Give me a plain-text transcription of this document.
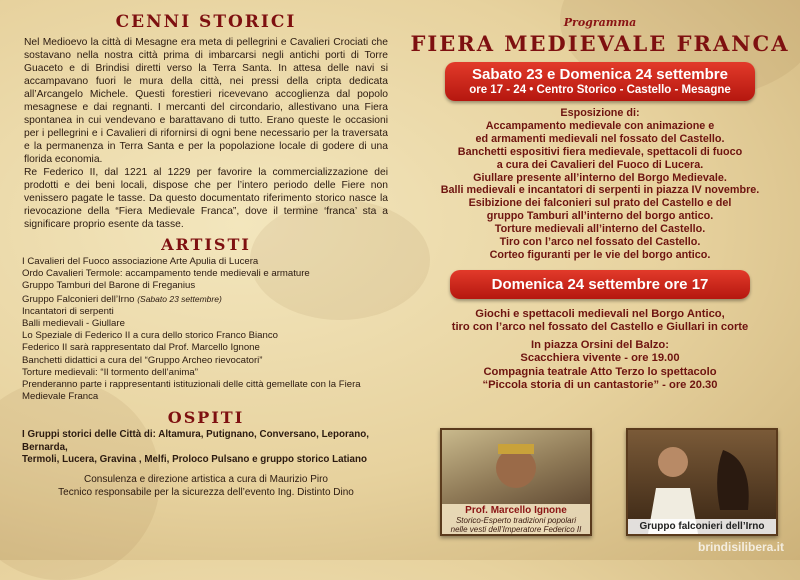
CENNI STORICI

Nel Medioevo la città di Mesagne era meta di pellegrini e Cavalieri Crociati che sostavano nella nostra città prima di imbarcarsi negli antichi porti di Torre Guaceto e di Brindisi diretti verso la Terra Santa. In attesa delle navi si accampavano fuori le mura della città, nei pressi della cripta dedicata all’Arcangelo Michele. Questi forestieri ricevevano accoglienza dal popolo mesagnese e dai regnanti. I mercanti del circondario, allestivano una Fiera spontanea in cui vendevano e barattavano di tutto. Erano queste le occasioni per i pellegrini e i Cavalieri di rifornirsi di ogni bene necessario per la traversata e la permanenza in Terra Santa e per la popolazione locale di godere di una florida economia.

Re Federico II, dal 1221 al 1229 per favorire la commercializzazione dei prodotti e dei beni locali, dispose che per l’intero periodo delle Fiere non venissero pagate le tasse. Da questo documentato riferimento storico nasce la rievocazione della “Fiera Medievale Franca”, dove il termine ‘franca’ sta a significare proprio esente da tasse.

ARTISTI
I Cavalieri del Fuoco associazione Arte Apulia di Lucera
Ordo Cavalieri Termole: accampamento tende medievali e armature
Gruppo Tamburi del Barone di Freganius
Gruppo Falconieri dell’Irno (Sabato 23 settembre)
Incantatori di serpenti
Balli medievali - Giullare
Lo Speziale di Federico II a cura dello storico Franco Bianco
Federico II sarà rappresentato dal Prof. Marcello Ignone
Banchetti didattici a cura del “Gruppo Archeo rievocatori”
Torture medievali: “Il tormento dell’anima”
Prenderanno parte i rappresentanti istituzionali delle città gemellate con la Fiera
Medievale Franca
OSPITI
I Gruppi storici delle Città di: Altamura, Putignano, Conversano, Leporano, Bernarda,
Termoli, Lucera, Gravina , Melfi, Proloco Pulsano e gruppo storico Latiano
Consulenza e direzione artistica a cura di Maurizio Piro
Tecnico responsabile per la sicurezza dell’evento Ing. Distinto Dino
Programma
FIERA MEDIEVALE FRANCA
Sabato 23 e Domenica 24 settembre
ore 17 - 24 • Centro Storico - Castello - Mesagne
Esposizione di:
Accampamento medievale con animazione e
ed armamenti medievali nel fossato del Castello.
Banchetti espositivi fiera medievale, spettacoli di fuoco
a cura dei Cavalieri del Fuoco di Lucera.
Giullare presente all’interno del Borgo Medievale.
Balli medievali e incantatori di serpenti in piazza IV novembre.
Esibizione dei falconieri sul prato del Castello e del
gruppo Tamburi all’interno del borgo antico.
Torture medievali all’interno del Castello.
Tiro con l’arco nel fossato del Castello.
Corteo figuranti per le vie del borgo antico.
Domenica 24 settembre ore 17
Giochi e spettacoli medievali nel Borgo Antico,
tiro con l’arco nel fossato del Castello e Giullari in corte
In piazza Orsini del Balzo:
Scacchiera vivente - ore 19.00
Compagnia teatrale Atto Terzo lo spettacolo
“Piccola storia di un cantastorie” - ore 20.30
Prof. Marcello Ignone
Storico-Esperto tradizioni popolari
nelle vesti dell’Imperatore Federico II	Gruppo falconieri dell’Irno
brindisilibera.it
